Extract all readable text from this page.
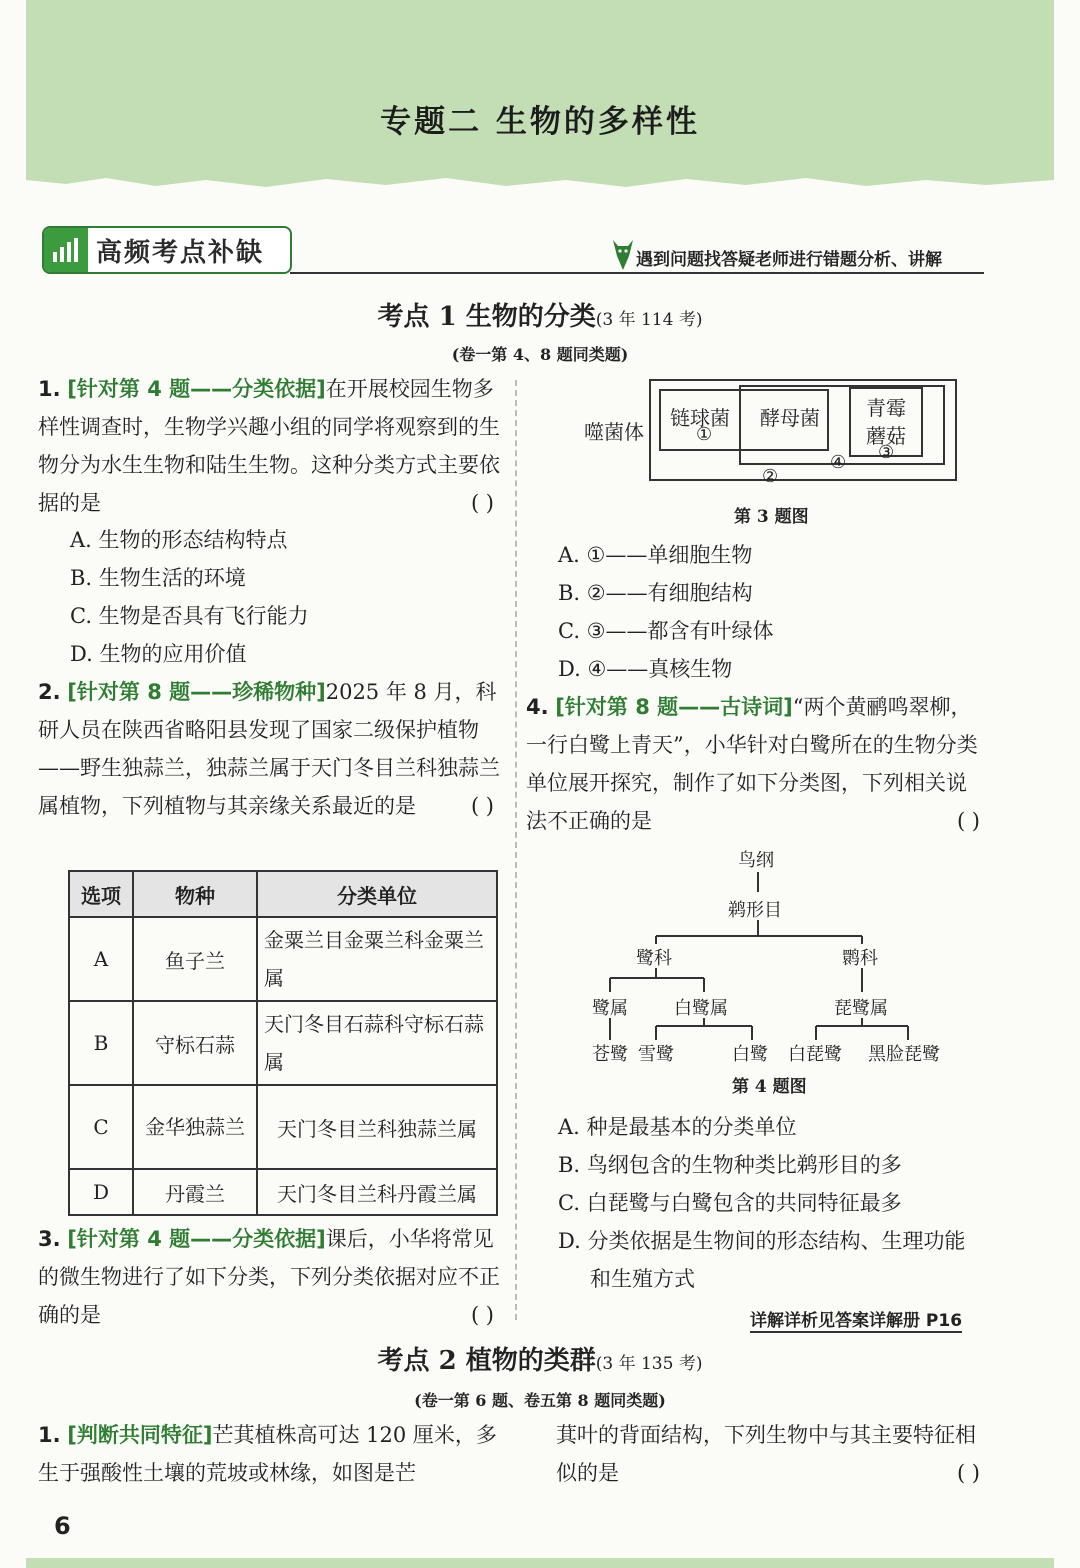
专题二 生物的多样性
高频考点补缺	遇到问题找答疑老师进行错题分析、讲解
考点 1 生物的分类(3 年 114 考)
(卷一第 4、8 题同类题)
1. [针对第 4 题——分类依据]在开展校园生物多样性调查时，生物学兴趣小组的同学将观察到的生物分为水生生物和陆生生物。这种分类方式主要依据的是	( )
A. 生物的形态结构特点
B. 生物生活的环境
C. 生物是否具有飞行能力
D. 生物的应用价值
2. [针对第 8 题——珍稀物种]2025 年 8 月，科研人员在陕西省略阳县发现了国家二级保护植物——野生独蒜兰，独蒜兰属于天门冬目兰科独蒜兰属植物，下列植物与其亲缘关系最近的是	( )
选项	物种	分类单位
A	鱼子兰	金粟兰目金粟兰科金粟兰属
B	守标石蒜	天门冬目石蒜科守标石蒜属
C	金华独蒜兰	天门冬目兰科独蒜兰属
D	丹霞兰	天门冬目兰科丹霞兰属
3. [针对第 4 题——分类依据]课后，小华将常见的微生物进行了如下分类，下列分类依据对应不正确的是	( )
噬菌体
链球菌 酵母菌 青霉
蘑菇
①
②
③
④
第 3 题图
A. ①——单细胞生物
B. ②——有细胞结构
C. ③——都含有叶绿体
D. ④——真核生物
4. [针对第 8 题——古诗词]“两个黄鹂鸣翠柳，一行白鹭上青天”，小华针对白鹭所在的生物分类单位展开探究，制作了如下分类图，下列相关说法不正确的是	( )
鸟纲
鹈形目
鹭科	鹮科
鹭属	白鹭属	琵鹭属
苍鹭 雪鹭	白鹭 白琵鹭 黑脸琵鹭
第 4 题图
A. 种是最基本的分类单位
B. 鸟纲包含的生物种类比鹈形目的多
C. 白琵鹭与白鹭包含的共同特征最多
D. 分类依据是生物间的形态结构、生理功能
和生殖方式
详解详析见答案详解册 P16
考点 2 植物的类群(3 年 135 考)
(卷一第 6 题、卷五第 8 题同类题)
1. [判断共同特征]芒萁植株高可达 120 厘米，多生于强酸性土壤的荒坡或林缘，如图是芒
萁叶的背面结构，下列生物中与其主要特征相似的是	( )
6
